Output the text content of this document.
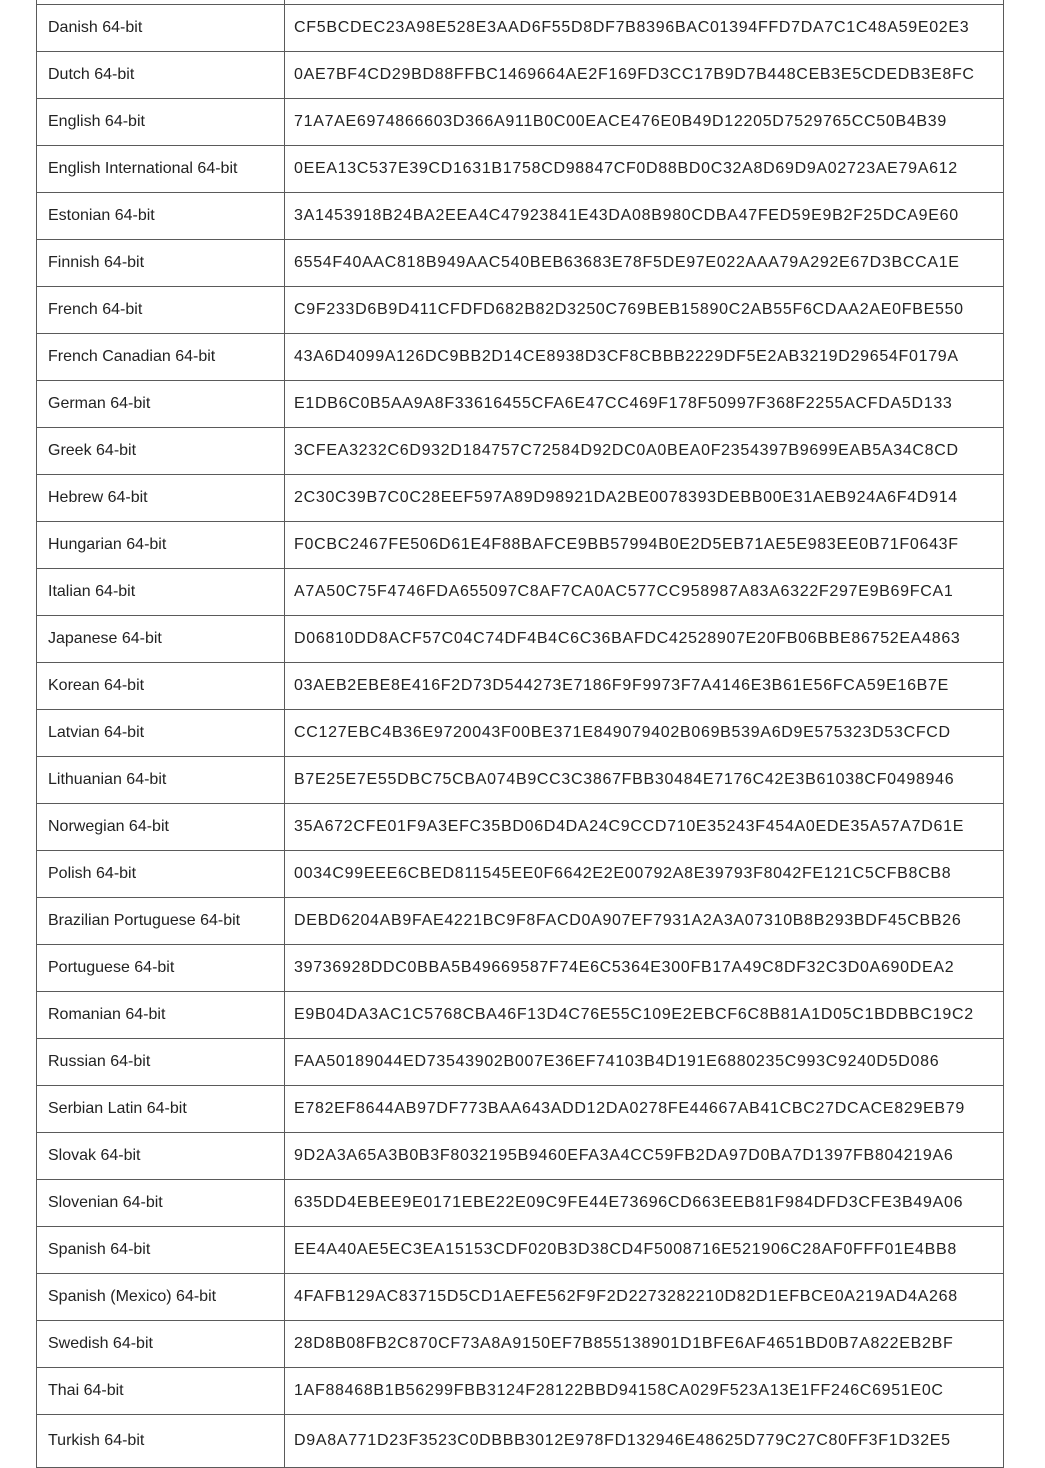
Danish 64-bit	CF5BCDEC23A98E528E3AAD6F55D8DF7B8396BAC01394FFD7DA7C1C48A59E02E3
Dutch 64-bit	0AE7BF4CD29BD88FFBC1469664AE2F169FD3CC17B9D7B448CEB3E5CDEDB3E8FC
English 64-bit	71A7AE6974866603D366A911B0C00EACE476E0B49D12205D7529765CC50B4B39
English International 64-bit	0EEA13C537E39CD1631B1758CD98847CF0D88BD0C32A8D69D9A02723AE79A612
Estonian 64-bit	3A1453918B24BA2EEA4C47923841E43DA08B980CDBA47FED59E9B2F25DCA9E60
Finnish 64-bit	6554F40AAC818B949AAC540BEB63683E78F5DE97E022AAA79A292E67D3BCCA1E
French 64-bit	C9F233D6B9D411CFDFD682B82D3250C769BEB15890C2AB55F6CDAA2AE0FBE550
French Canadian 64-bit	43A6D4099A126DC9BB2D14CE8938D3CF8CBBB2229DF5E2AB3219D29654F0179A
German 64-bit	E1DB6C0B5AA9A8F33616455CFA6E47CC469F178F50997F368F2255ACFDA5D133
Greek 64-bit	3CFEA3232C6D932D184757C72584D92DC0A0BEA0F2354397B9699EAB5A34C8CD
Hebrew 64-bit	2C30C39B7C0C28EEF597A89D98921DA2BE0078393DEBB00E31AEB924A6F4D914
Hungarian 64-bit	F0CBC2467FE506D61E4F88BAFCE9BB57994B0E2D5EB71AE5E983EE0B71F0643F
Italian 64-bit	A7A50C75F4746FDA655097C8AF7CA0AC577CC958987A83A6322F297E9B69FCA1
Japanese 64-bit	D06810DD8ACF57C04C74DF4B4C6C36BAFDC42528907E20FB06BBE86752EA4863
Korean 64-bit	03AEB2EBE8E416F2D73D544273E7186F9F9973F7A4146E3B61E56FCA59E16B7E
Latvian 64-bit	CC127EBC4B36E9720043F00BE371E849079402B069B539A6D9E575323D53CFCD
Lithuanian 64-bit	B7E25E7E55DBC75CBA074B9CC3C3867FBB30484E7176C42E3B61038CF0498946
Norwegian 64-bit	35A672CFE01F9A3EFC35BD06D4DA24C9CCD710E35243F454A0EDE35A57A7D61E
Polish 64-bit	0034C99EEE6CBED811545EE0F6642E2E00792A8E39793F8042FE121C5CFB8CB8
Brazilian Portuguese 64-bit	DEBD6204AB9FAE4221BC9F8FACD0A907EF7931A2A3A07310B8B293BDF45CBB26
Portuguese 64-bit	39736928DDC0BBA5B49669587F74E6C5364E300FB17A49C8DF32C3D0A690DEA2
Romanian 64-bit	E9B04DA3AC1C5768CBA46F13D4C76E55C109E2EBCF6C8B81A1D05C1BDBBC19C2
Russian 64-bit	FAA50189044ED73543902B007E36EF74103B4D191E6880235C993C9240D5D086
Serbian Latin 64-bit	E782EF8644AB97DF773BAA643ADD12DA0278FE44667AB41CBC27DCACE829EB79
Slovak 64-bit	9D2A3A65A3B0B3F8032195B9460EFA3A4CC59FB2DA97D0BA7D1397FB804219A6
Slovenian 64-bit	635DD4EBEE9E0171EBE22E09C9FE44E73696CD663EEB81F984DFD3CFE3B49A06
Spanish 64-bit	EE4A40AE5EC3EA15153CDF020B3D38CD4F5008716E521906C28AF0FFF01E4BB8
Spanish (Mexico) 64-bit	4FAFB129AC83715D5CD1AEFE562F9F2D2273282210D82D1EFBCE0A219AD4A268
Swedish 64-bit	28D8B08FB2C870CF73A8A9150EF7B855138901D1BFE6AF4651BD0B7A822EB2BF
Thai 64-bit	1AF88468B1B56299FBB3124F28122BBD94158CA029F523A13E1FF246C6951E0C
Turkish 64-bit	D9A8A771D23F3523C0DBBB3012E978FD132946E48625D779C27C80FF3F1D32E5
